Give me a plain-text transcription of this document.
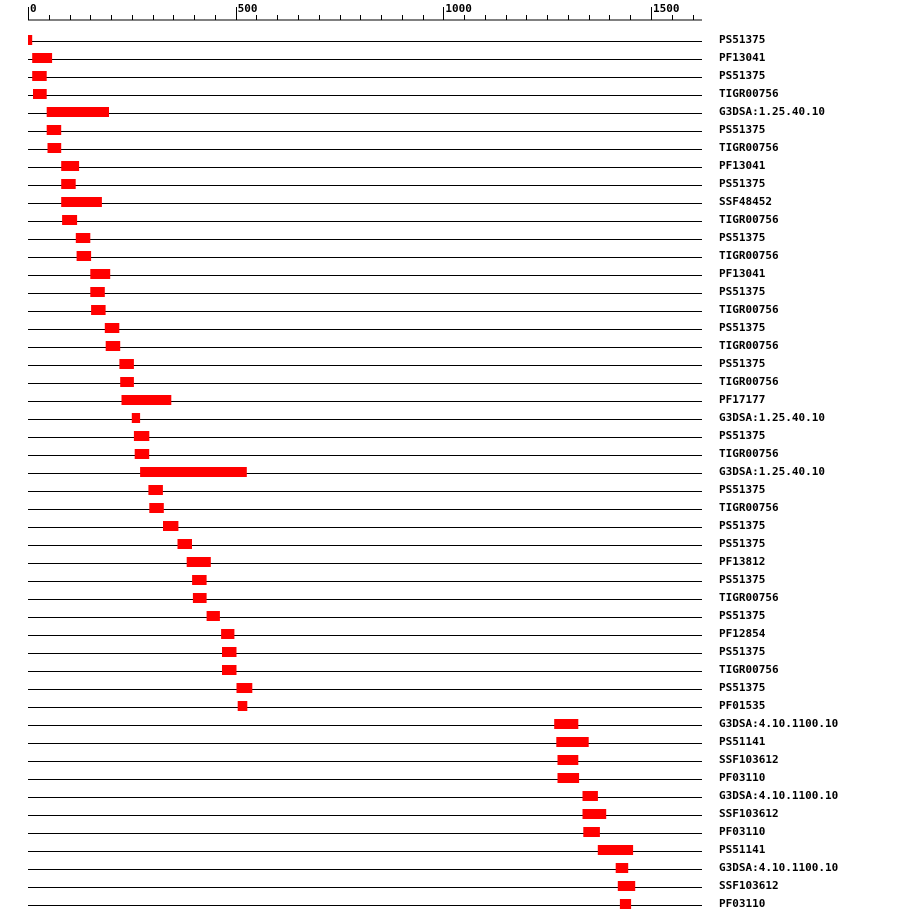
0	500	1000	1500
PS51375
PF13041
PS51375
TIGR00756
G3DSA:1.25.40.10
PS51375
TIGR00756
PF13041
PS51375
SSF48452
TIGR00756
PS51375
TIGR00756
PF13041
PS51375
TIGR00756
PS51375
TIGR00756
PS51375
TIGR00756
PF17177
G3DSA:1.25.40.10
PS51375
TIGR00756
G3DSA:1.25.40.10
PS51375
TIGR00756
PS51375
PS51375
PF13812
PS51375
TIGR00756
PS51375
PF12854
PS51375
TIGR00756
PS51375
PF01535
G3DSA:4.10.1100.10
PS51141
SSF103612
PF03110
G3DSA:4.10.1100.10
SSF103612
PF03110
PS51141
G3DSA:4.10.1100.10
SSF103612
PF03110
